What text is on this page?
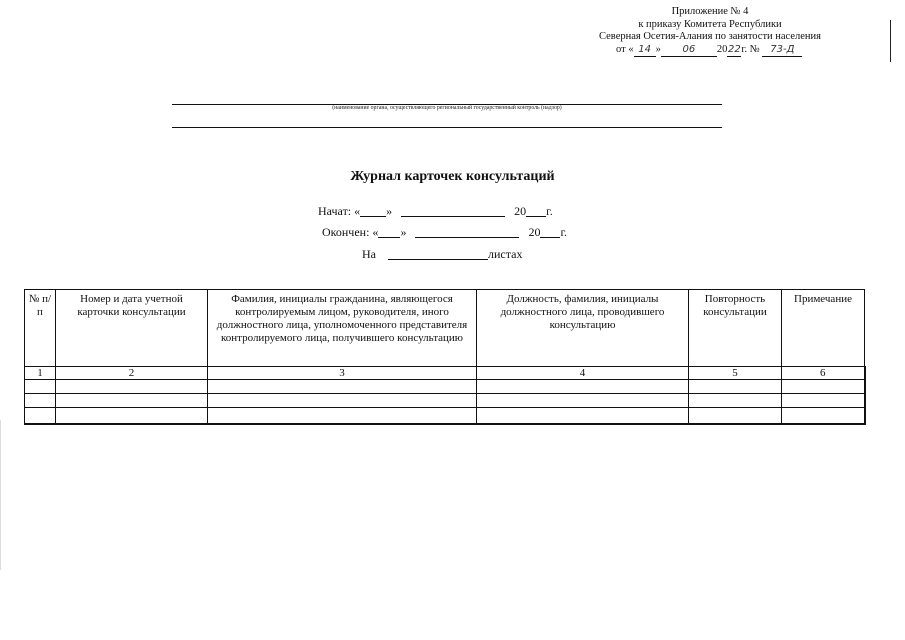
Приложение № 4
к приказу Комитета Республики
Северная Осетия-Алания по занятости населения
от « 14 » 06 2022г. № 73-Д
(наименование органа, осуществляющего региональный государственный контроль (надзор)
Журнал карточек консультаций
Начат: « »	20 г.
Окончен: « »	20 г.
На	листах
№ п/п	Номер и дата учетной карточки консультации	Фамилия, инициалы гражданина, являющегося контролируемым лицом, руководителя, иного должностного лица, уполномоченного представителя контролируемого лица, получившего консультацию	Должность, фамилия, инициалы должностного лица, проводившего консультацию	Повторность консультации	Примечание
1	2	3	4	5	6
